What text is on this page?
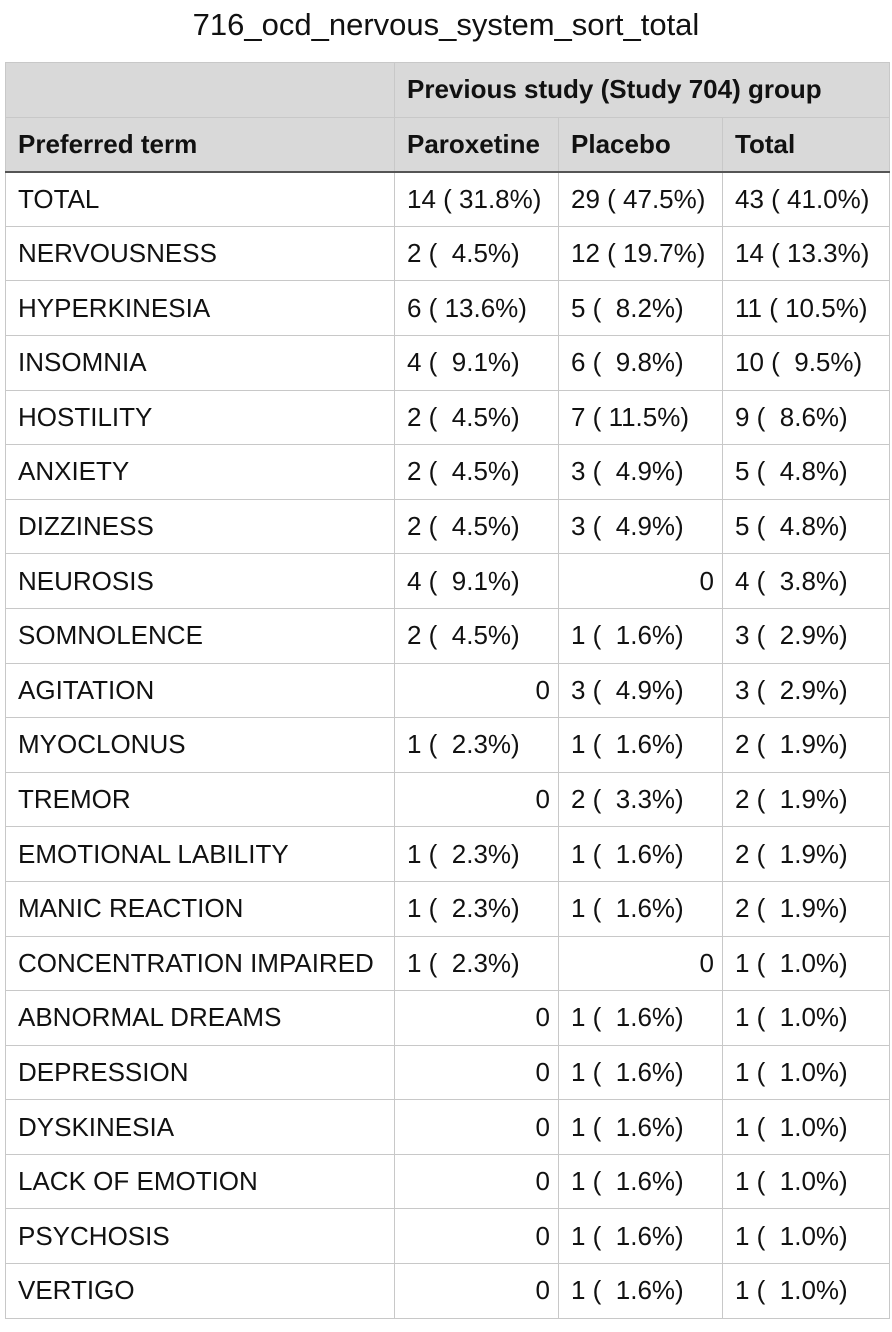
716_ocd_nervous_system_sort_total
	Previous study (Study 704) group		
Preferred term	Paroxetine	Placebo	Total
TOTAL	14 ( 31.8%)	29 ( 47.5%)	43 ( 41.0%)
NERVOUSNESS	2 (  4.5%)	12 ( 19.7%)	14 ( 13.3%)
HYPERKINESIA	6 ( 13.6%)	5 (  8.2%)	11 ( 10.5%)
INSOMNIA	4 (  9.1%)	6 (  9.8%)	10 (  9.5%)
HOSTILITY	2 (  4.5%)	7 ( 11.5%)	9 (  8.6%)
ANXIETY	2 (  4.5%)	3 (  4.9%)	5 (  4.8%)
DIZZINESS	2 (  4.5%)	3 (  4.9%)	5 (  4.8%)
NEUROSIS	4 (  9.1%)	0	4 (  3.8%)
SOMNOLENCE	2 (  4.5%)	1 (  1.6%)	3 (  2.9%)
AGITATION	0	3 (  4.9%)	3 (  2.9%)
MYOCLONUS	1 (  2.3%)	1 (  1.6%)	2 (  1.9%)
TREMOR	0	2 (  3.3%)	2 (  1.9%)
EMOTIONAL LABILITY	1 (  2.3%)	1 (  1.6%)	2 (  1.9%)
MANIC REACTION	1 (  2.3%)	1 (  1.6%)	2 (  1.9%)
CONCENTRATION IMPAIRED	1 (  2.3%)	0	1 (  1.0%)
ABNORMAL DREAMS	0	1 (  1.6%)	1 (  1.0%)
DEPRESSION	0	1 (  1.6%)	1 (  1.0%)
DYSKINESIA	0	1 (  1.6%)	1 (  1.0%)
LACK OF EMOTION	0	1 (  1.6%)	1 (  1.0%)
PSYCHOSIS	0	1 (  1.6%)	1 (  1.0%)
VERTIGO	0	1 (  1.6%)	1 (  1.0%)
